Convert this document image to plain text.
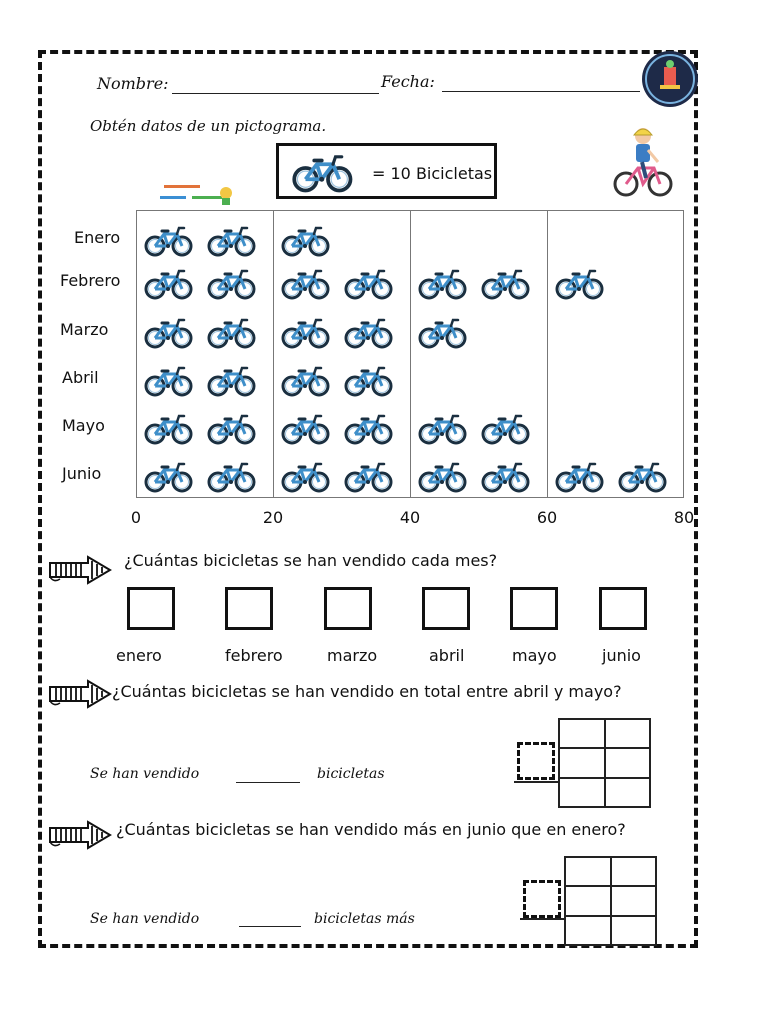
Nombre:	Fecha:
Obtén datos de un pictograma.
= 10 Bicicletas
Enero
Febrero
Marzo
Abril
Mayo
Junio
0	20	40	60	80
¿Cuántas bicicletas se han vendido cada mes?
enero	febrero	marzo	abril	mayo	junio
¿Cuántas bicicletas se han vendido en total entre abril y mayo?
Se han vendido	bicicletas
¿Cuántas bicicletas se han vendido más en junio que en enero?
Se han vendido	bicicletas más
